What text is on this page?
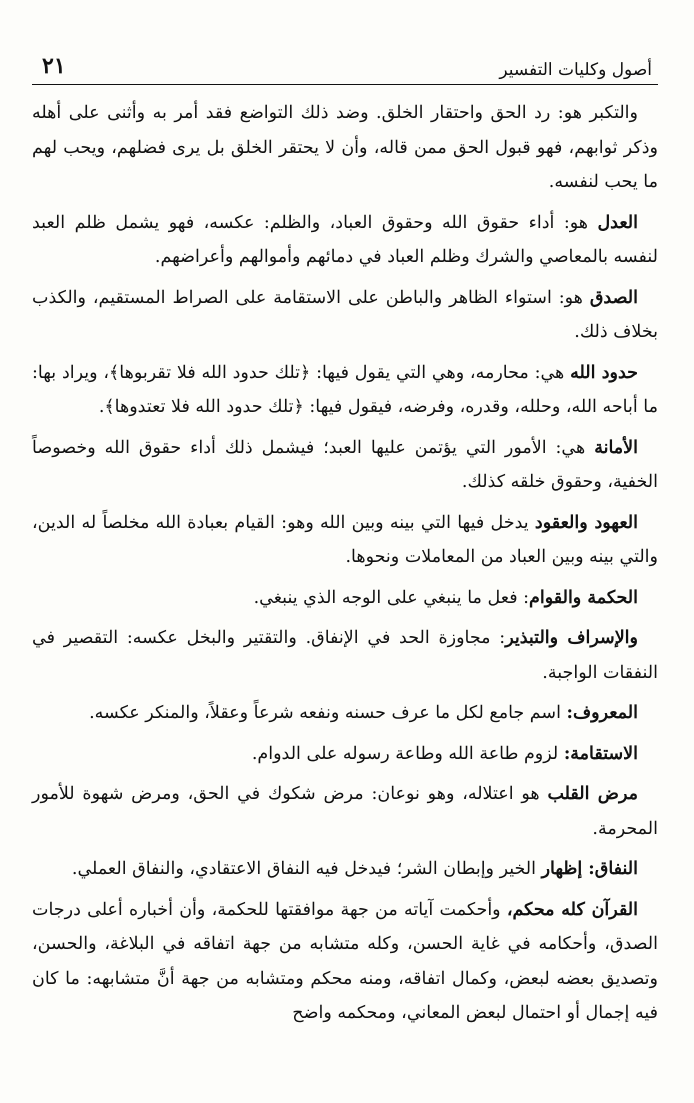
أصول وكليات التفسير
٢١

والتكبر هو: رد الحق واحتقار الخلق. وضد ذلك التواضع فقد أمر به وأثنى على أهله وذكر ثوابهم، فهو قبول الحق ممن قاله، وأن لا يحتقر الخلق بل يرى فضلهم، ويحب لهم ما يحب لنفسه.

العدل هو: أداء حقوق الله وحقوق العباد، والظلم: عكسه، فهو يشمل ظلم العبد لنفسه بالمعاصي والشرك وظلم العباد في دمائهم وأموالهم وأعراضهم.

الصدق هو: استواء الظاهر والباطن على الاستقامة على الصراط المستقيم، والكذب بخلاف ذلك.

حدود الله هي: محارمه، وهي التي يقول فيها: ﴿تلك حدود الله فلا تقربوها﴾، ويراد بها: ما أباحه الله، وحلله، وقدره، وفرضه، فيقول فيها: ﴿تلك حدود الله فلا تعتدوها﴾.

الأمانة هي: الأمور التي يؤتمن عليها العبد؛ فيشمل ذلك أداء حقوق الله وخصوصاً الخفية، وحقوق خلقه كذلك.

العهود والعقود يدخل فيها التي بينه وبين الله وهو: القيام بعبادة الله مخلصاً له الدين، والتي بينه وبين العباد من المعاملات ونحوها.

الحكمة والقوام: فعل ما ينبغي على الوجه الذي ينبغي.

والإسراف والتبذير: مجاوزة الحد في الإنفاق. والتقتير والبخل عكسه: التقصير في النفقات الواجبة.

المعروف: اسم جامع لكل ما عرف حسنه ونفعه شرعاً وعقلاً، والمنكر عكسه.

الاستقامة: لزوم طاعة الله وطاعة رسوله على الدوام.

مرض القلب هو اعتلاله، وهو نوعان: مرض شكوك في الحق، ومرض شهوة للأمور المحرمة.

النفاق: إظهار الخير وإبطان الشر؛ فيدخل فيه النفاق الاعتقادي، والنفاق العملي.

القرآن كله محكم، وأحكمت آياته من جهة موافقتها للحكمة، وأن أخباره أعلى درجات الصدق، وأحكامه في غاية الحسن، وكله متشابه من جهة اتفاقه في البلاغة، والحسن، وتصديق بعضه لبعض، وكمال اتفاقه، ومنه محكم ومتشابه من جهة أنَّ متشابهه: ما كان فيه إجمال أو احتمال لبعض المعاني، ومحكمه واضح
